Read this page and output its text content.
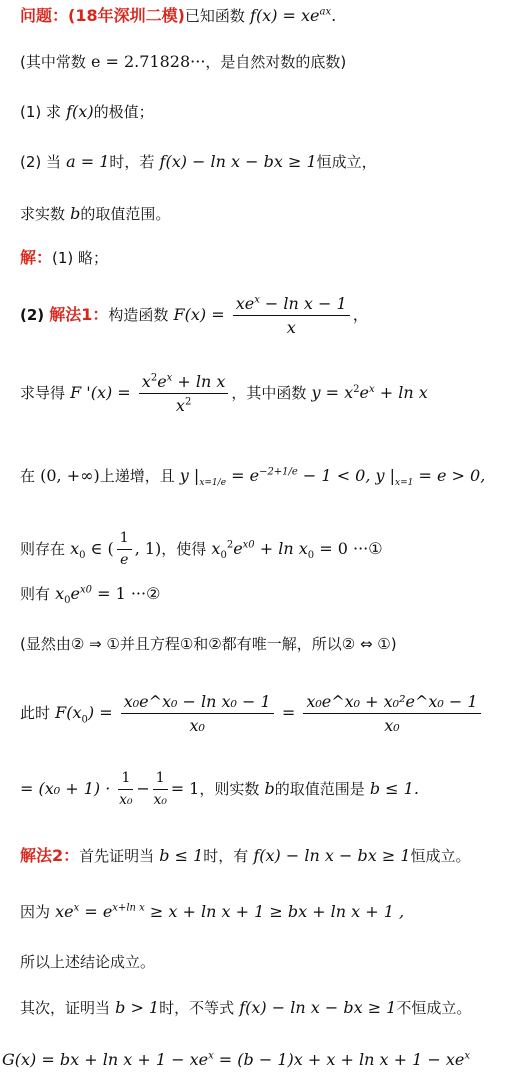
问题：(18年深圳二模)已知函数 $f(x) = xe^{ax}$.
(其中常数 e = 2.71828···，是自然对数的底数)
(1) 求 f(x)的极值；
(2) 当 a = 1时，若 f(x) − ln x − bx ≥ 1恒成立，
求实数 b的取值范围。
解：(1) 略；
(2) 解法1：构造函数 $F(x) = \frac{xe^x - \ln x - 1}{x}$ ，
求导得 F '$(x) = \frac{x^2e^x + \ln x}{x^2}$ ，其中函数 $y = x^2e^x + \ln x$
在 (0, +∞)上递增，且 y $|_{x=1/e} = e^{-2+1/e} - 1 < 0$, y $|_{x=1} = e > 0$,
则存在 $x_0$ ∈ ( $\frac{1}{e}$ , 1)，使得 $x_0^2e^{x0} + \ln x_0 = 0$ ···①
则有 $x_0e^{x0} = 1$ ···②
(显然由② ⇒ ①并且方程①和②都有唯一解，所以② ⇔ ①)
此时 $F(x_0) = \frac{\text{x₀e\textasciicircum{}x₀ − ln x₀ − 1}}{\text{x₀}} = \frac{\text{x₀e\textasciicircum{}x₀ + x₀²e\textasciicircum{}x₀ − 1}}{\text{x₀}}$
= $(x_0 + 1) \cdot \frac{1}{\text{x₀}} - \frac{1}{\text{x₀}} = 1$，则实数 b的取值范围是 b ≤ 1.
解法2：首先证明当 b ≤ 1时，有 f(x) − ln x − bx ≥ 1恒成立。
因为 $xe^x = e^{x+ln x} \ge x + \ln x + 1$ ≥ bx + ln x + 1 ,
所以上述结论成立。
其次，证明当 b > 1时，不等式 f(x) − ln x − bx ≥ 1不恒成立。
G(x) = bx + $\ln x + 1 - xe^x = (b - 1)x + x + \ln x + 1 - xe^x$
